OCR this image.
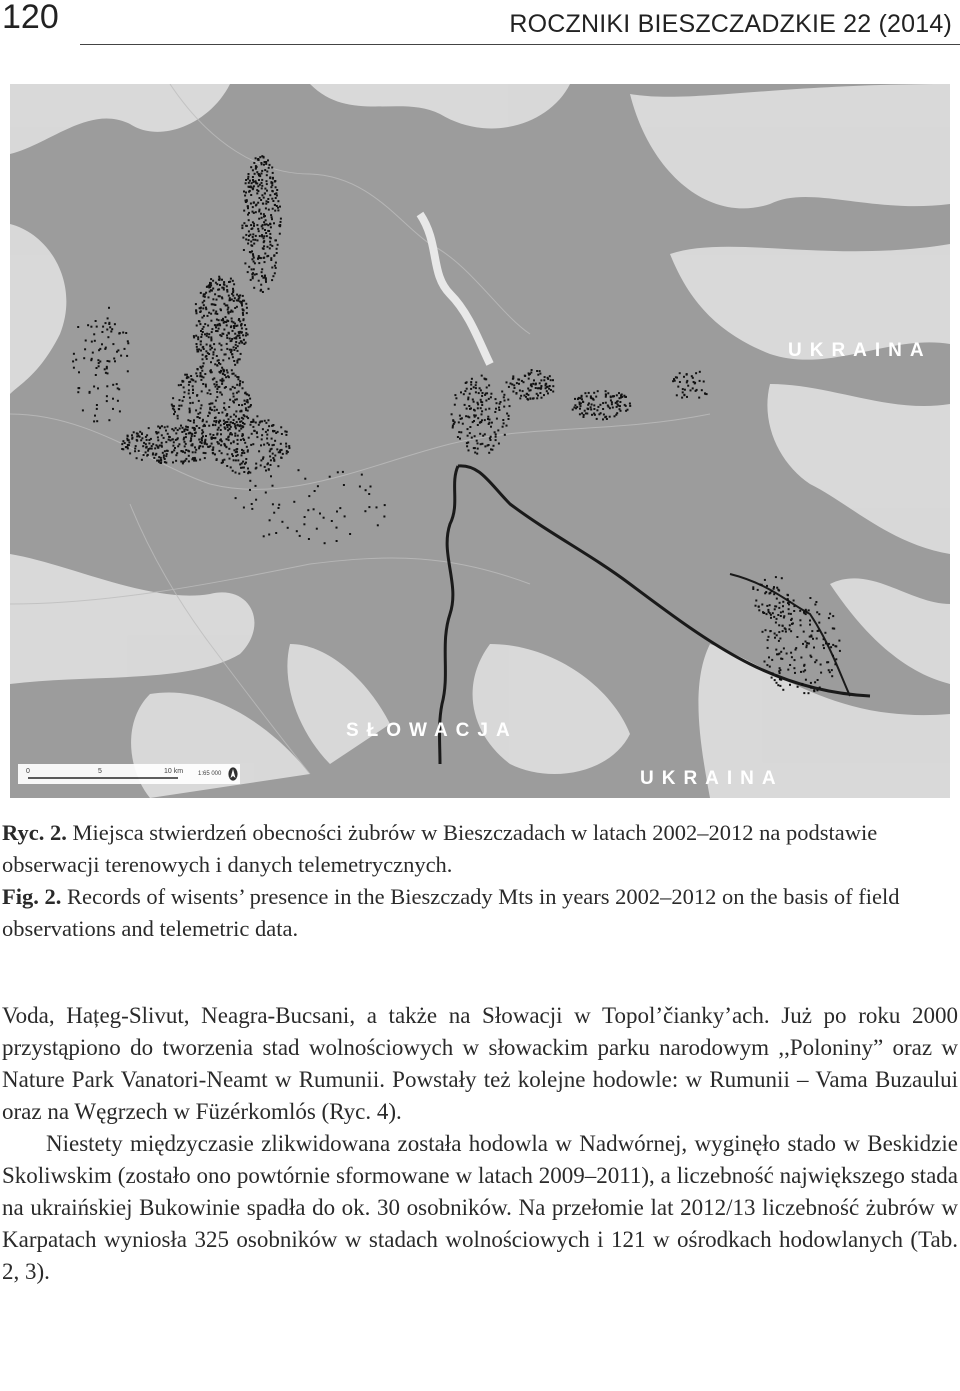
120	ROCZNIKI BIESZCZADZKIE 22 (2014)
UKRAINA
SŁOWACJA
UKRAINA
0	5	10 km 1:65 000
Ryc. 2. Miejsca stwierdzeń obecności żubrów w Bieszczadach w latach 2002–2012 na podstawie obserwacji terenowych i danych telemetrycznych.
Fig. 2. Records of wisents’ presence in the Bieszczady Mts in years 2002–2012 on the basis of field observations and telemetric data.

Voda, Hațeg-Slivut, Neagra-Bucsani, a także na Słowacji w Topol’čianky’ach. Już po roku 2000 przystąpiono do tworzenia stad wolnościowych w słowackim parku narodowym ,,Poloniny” oraz w Nature Park Vanatori-Neamt w Rumunii. Powstały też kolejne hodowle: w Rumunii – Vama Buzaului oraz na Węgrzech w Füzérkomlós (Ryc. 4).

Niestety międzyczasie zlikwidowana została hodowla w Nadwórnej, wyginęło stado w Beskidzie Skoliwskim (zostało ono powtórnie sformowane w latach 2009–2011), a liczebność największego stada na ukraińskiej Bukowinie spadła do ok. 30 osobników. Na przełomie lat 2012/13 liczebność żubrów w Karpatach wyniosła 325 osobników w stadach wolnościowych i 121 w ośrodkach hodowlanych (Tab. 2, 3).
